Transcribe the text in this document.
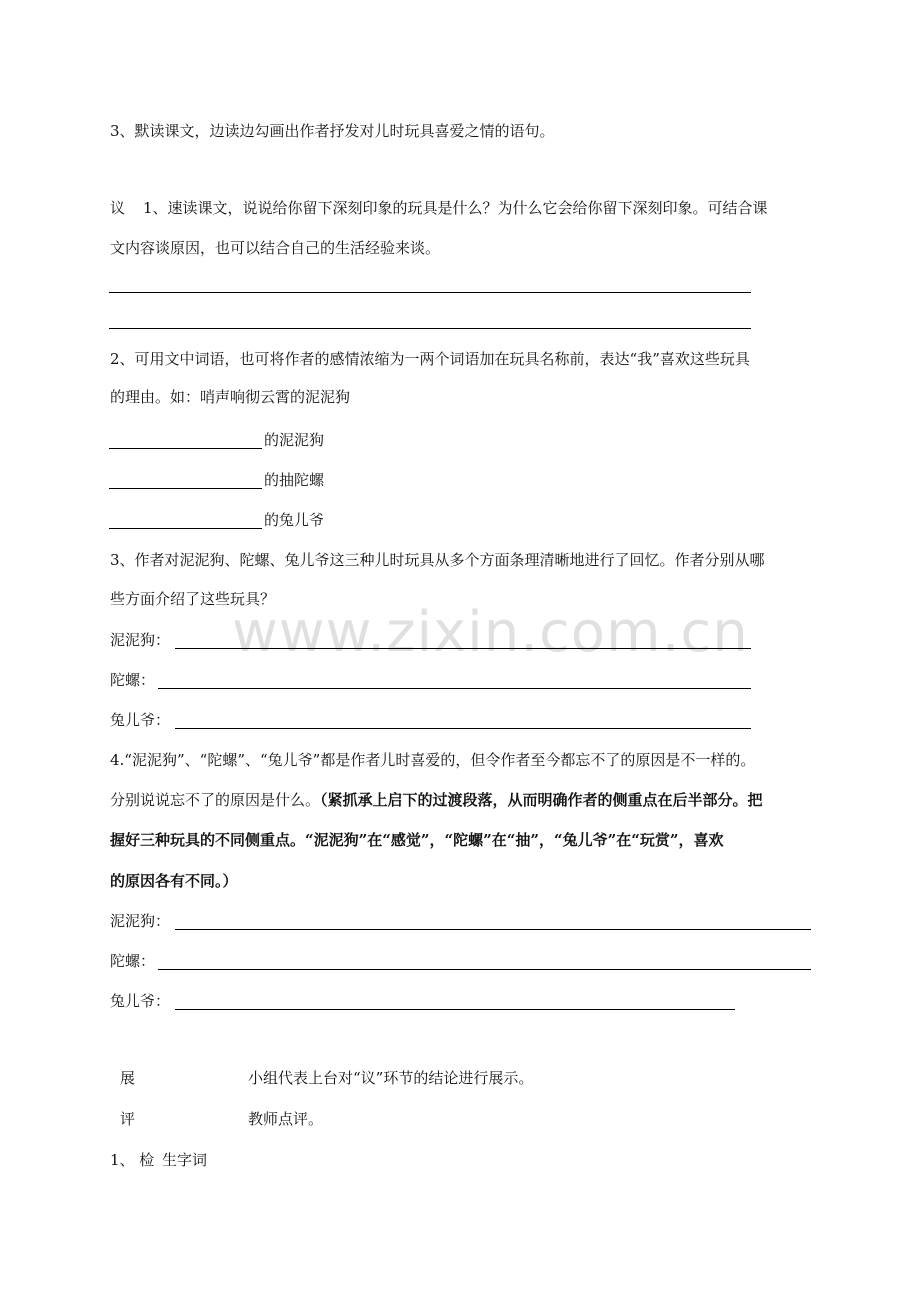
www.zixin.com.cn
3、默读课文，边读边勾画出作者抒发对儿时玩具喜爱之情的语句。
议 1、速读课文，说说给你留下深刻印象的玩具是什么？为什么它会给你留下深刻印象。可结合课
文内容谈原因，也可以结合自己的生活经验来谈。
2、可用文中词语，也可将作者的感情浓缩为一两个词语加在玩具名称前，表达“我”喜欢这些玩具
的理由。如：哨声响彻云霄的泥泥狗
的泥泥狗
的抽陀螺
的兔儿爷
3、作者对泥泥狗、陀螺、兔儿爷这三种儿时玩具从多个方面条理清晰地进行了回忆。作者分别从哪
些方面介绍了这些玩具？
泥泥狗：
陀螺：
兔儿爷：
4.“泥泥狗”、“陀螺”、“兔儿爷”都是作者儿时喜爱的，但令作者至今都忘不了的原因是不一样的。
分别说说忘不了的原因是什么。（紧抓承上启下的过渡段落，从而明确作者的侧重点在后半部分。把
握好三种玩具的不同侧重点。“泥泥狗”在“感觉”，“陀螺”在“抽”，“兔儿爷”在“玩赏”，喜欢
的原因各有不同。）
泥泥狗：
陀螺：
兔儿爷：
展	小组代表上台对“议”环节的结论进行展示。
评	教师点评。
1、 检 生字词
